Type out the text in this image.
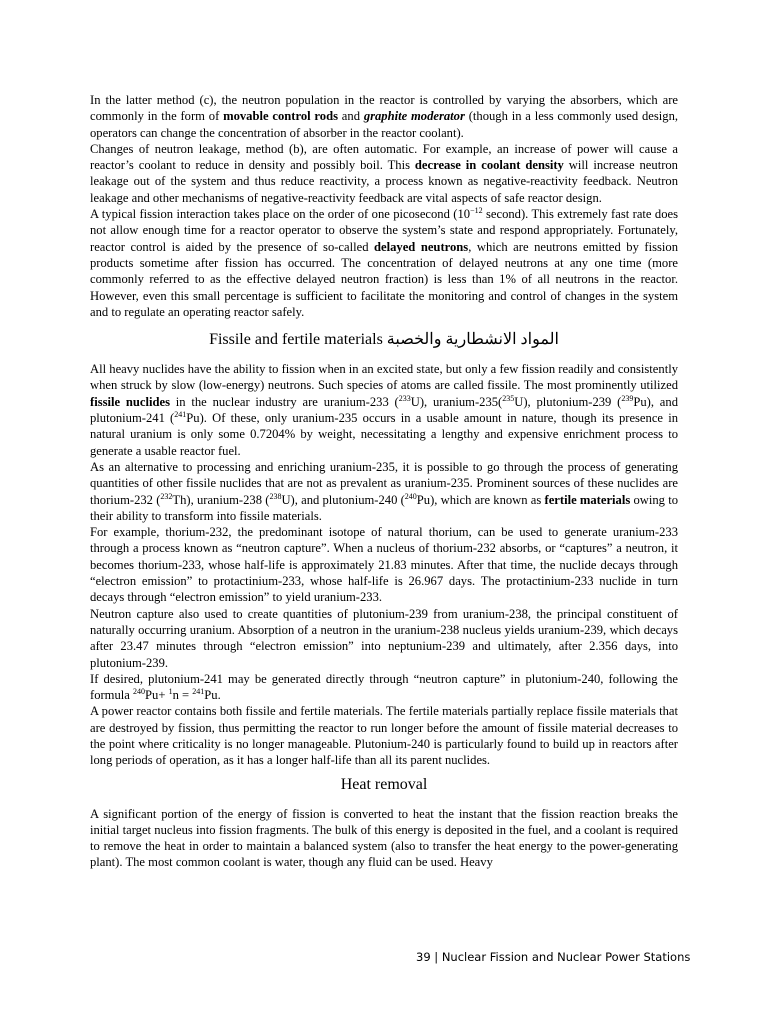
In the latter method (c), the neutron population in the reactor is controlled by varying the absorbers, which are commonly in the form of movable control rods and graphite moderator (though in a less commonly used design, operators can change the concentration of absorber in the reactor coolant).

Changes of neutron leakage, method (b), are often automatic. For example, an increase of power will cause a reactor’s coolant to reduce in density and possibly boil. This decrease in coolant density will increase neutron leakage out of the system and thus reduce reactivity, a process known as negative-reactivity feedback. Neutron leakage and other mechanisms of negative-reactivity feedback are vital aspects of safe reactor design.

A typical fission interaction takes place on the order of one picosecond ($10^{-12}$ second). This extremely fast rate does not allow enough time for a reactor operator to observe the system’s state and respond appropriately. Fortunately, reactor control is aided by the presence of so-called delayed neutrons, which are neutrons emitted by fission products sometime after fission has occurred. The concentration of delayed neutrons at any one time (more commonly referred to as the effective delayed neutron fraction) is less than 1% of all neutrons in the reactor. However, even this small percentage is sufficient to facilitate the monitoring and control of changes in the system and to regulate an operating reactor safely.

Fissile and fertile materials المواد الانشطارية والخصبة

All heavy nuclides have the ability to fission when in an excited state, but only a few fission readily and consistently when struck by slow (low-energy) neutrons. Such species of atoms are called fissile. The most prominently utilized fissile nuclides in the nuclear industry are uranium-233 ($^{233}$U), uranium-235($^{235}$U), plutonium-239 ($^{239}$Pu), and plutonium-241 ($^{241}$Pu). Of these, only uranium-235 occurs in a usable amount in nature, though its presence in natural uranium is only some 0.7204% by weight, necessitating a lengthy and expensive enrichment process to generate a usable reactor fuel.

As an alternative to processing and enriching uranium-235, it is possible to go through the process of generating quantities of other fissile nuclides that are not as prevalent as uranium-235. Prominent sources of these nuclides are thorium-232 ($^{232}$Th), uranium-238 ($^{238}$U), and plutonium-240 ($^{240}$Pu), which are known as fertile materials owing to their ability to transform into fissile materials.

For example, thorium-232, the predominant isotope of natural thorium, can be used to generate uranium-233 through a process known as “neutron capture”. When a nucleus of thorium-232 absorbs, or “captures” a neutron, it becomes thorium-233, whose half-life is approximately 21.83 minutes. After that time, the nuclide decays through “electron emission” to protactinium-233, whose half-life is 26.967 days. The protactinium-233 nuclide in turn decays through “electron emission” to yield uranium-233.

Neutron capture also used to create quantities of plutonium-239 from uranium-238, the principal constituent of naturally occurring uranium. Absorption of a neutron in the uranium-238 nucleus yields uranium-239, which decays after 23.47 minutes through “electron emission” into neptunium-239 and ultimately, after 2.356 days, into plutonium-239.

If desired, plutonium-241 may be generated directly through “neutron capture” in plutonium-240, following the formula $^{240}$Pu+ $^1$n = $^{241}$Pu.

A power reactor contains both fissile and fertile materials. The fertile materials partially replace fissile materials that are destroyed by fission, thus permitting the reactor to run longer before the amount of fissile material decreases to the point where criticality is no longer manageable. Plutonium-240 is particularly found to build up in reactors after long periods of operation, as it has a longer half-life than all its parent nuclides.

Heat removal

A significant portion of the energy of fission is converted to heat the instant that the fission reaction breaks the initial target nucleus into fission fragments. The bulk of this energy is deposited in the fuel, and a coolant is required to remove the heat in order to maintain a balanced system (also to transfer the heat energy to the power-generating plant). The most common coolant is water, though any fluid can be used. Heavy

39 | Nuclear Fission and Nuclear Power Stations
